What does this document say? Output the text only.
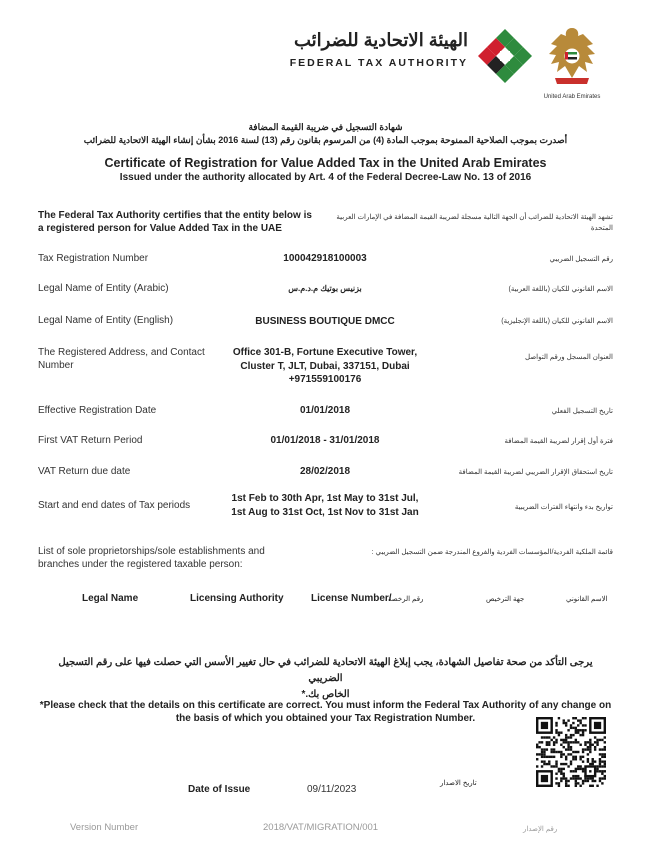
الهيئة الاتحادية للضرائب
FEDERAL TAX AUTHORITY
United Arab Emirates
شهادة التسجيل في ضريبة القيمة المضافة
أصدرت بموجب الصلاحية الممنوحة بموجب المادة (4) من المرسوم بقانون رقم (13) لسنة 2016 بشأن إنشاء الهيئة الاتحادية للضرائب
Certificate of Registration for Value Added Tax in the United Arab Emirates
Issued under the authority allocated by Art. 4 of the Federal Decree-Law No. 13 of 2016
The Federal Tax Authority certifies that the entity below is
a registered person for Value Added Tax in the UAE
تشهد الهيئة الاتحادية للضرائب أن الجهة التالية مسجلة لضريبة القيمة المضافة في الإمارات العربية
المتحدة
Tax Registration Number	100042918100003	رقم التسجيل الضريبي
Legal Name of Entity (Arabic)	بزنيس بوتيك م.د.م.س	الاسم القانوني للكيان (باللغة العربية)
Legal Name of Entity (English)	BUSINESS BOUTIQUE DMCC	الاسم القانوني للكيان (باللغة الإنجليزية)
The Registered Address, and Contact
Number
Office 301-B, Fortune Executive Tower,
Cluster T, JLT, Dubai, 337151, Dubai
+971559100176
العنوان المسجل ورقم التواصل
Effective Registration Date	01/01/2018	تاريخ التسجيل الفعلي
First VAT Return Period	01/01/2018 - 31/01/2018	فترة أول إقرار لضريبة القيمة المضافة
VAT Return due date	28/02/2018	تاريخ استحقاق الإقرار الضريبي لضريبة القيمة المضافة
Start and end dates of Tax periods
1st Feb to 30th Apr, 1st May to 31st Jul,
1st Aug to 31st Oct, 1st Nov to 31st Jan	تواريخ بدء وانتهاء الفترات الضريبية
List of sole proprietorships/sole establishments and
branches under the registered taxable person:
قائمة الملكية الفردية/المؤسسات الفردية والفروع المندرجة ضمن التسجيل الضريبي :
Legal Name	Licensing Authority	License Number/
رقم الرخصة	جهة الترخيص	الاسم القانوني
يرجى التأكد من صحة تفاصيل الشهادة، يجب إبلاغ الهيئة الاتحادية للضرائب في حال تغيير الأسس التي حصلت فيها على رقم التسجيل الضريبي
الخاص بك.*
*Please check that the details on this certificate are correct. You must inform the Federal Tax Authority of any change on
the basis of which you obtained your Tax Registration Number.
Date of Issue	09/11/2023
تاريخ الاصدار
Version Number	2018/VAT/MIGRATION/001	رقم الإصدار
